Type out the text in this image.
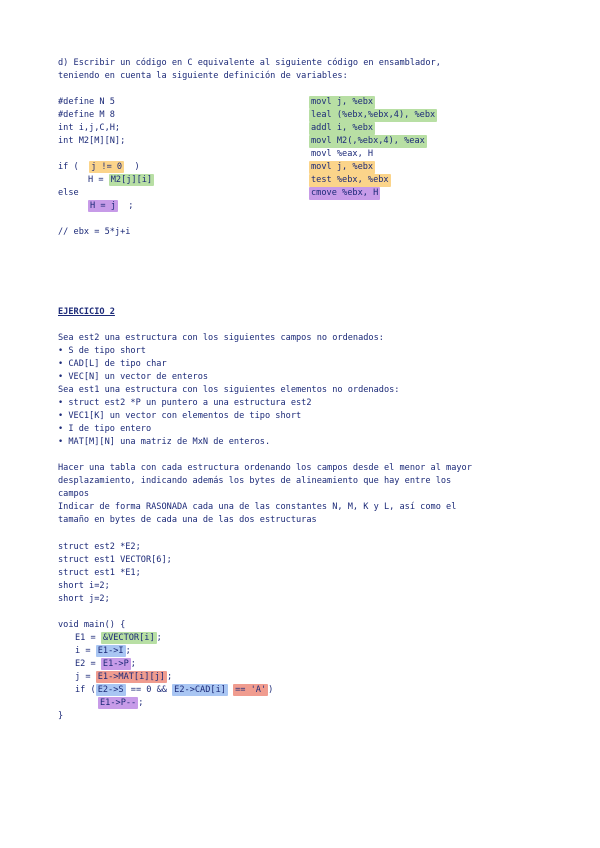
d) Escribir un código en C equivalente al siguiente código en ensamblador,
teniendo en cuenta la siguiente definición de variables:
#define N 5
#define M 8
int i,j,C,H;
int M2[M][N];
if ( j != 0 )
H = M2[j][i]
else
H = j ;
// ebx = 5*j+i
movl j, %ebx
leal (%ebx,%ebx,4), %ebx
addl i, %ebx
movl M2(,%ebx,4), %eax
movl %eax, H
movl j, %ebx
test %ebx, %ebx
cmove %ebx, H
EJERCICIO 2
Sea est2 una estructura con los siguientes campos no ordenados:
• S de tipo short
• CAD[L] de tipo char
• VEC[N] un vector de enteros
Sea est1 una estructura con los siguientes elementos no ordenados:
• struct est2 *P un puntero a una estructura est2
• VEC1[K] un vector con elementos de tipo short
• I de tipo entero
• MAT[M][N] una matriz de MxN de enteros.
Hacer una tabla con cada estructura ordenando los campos desde el menor al mayor
desplazamiento, indicando además los bytes de alineamiento que hay entre los
campos
Indicar de forma RASONADA cada una de las constantes N, M, K y L, así como el
tamaño en bytes de cada una de las dos estructuras
struct est2 *E2;
struct est1 VECTOR[6];
struct est1 *E1;
short i=2;
short j=2;
void main() {
E1 = &VECTOR[i] ;
i = E1->I ;
E2 = E1->P ;
j = E1->MAT[i][j] ;
if ( E2->S == 0 && E2->CAD[i] == 'A' )
E1->P-- ;
}
